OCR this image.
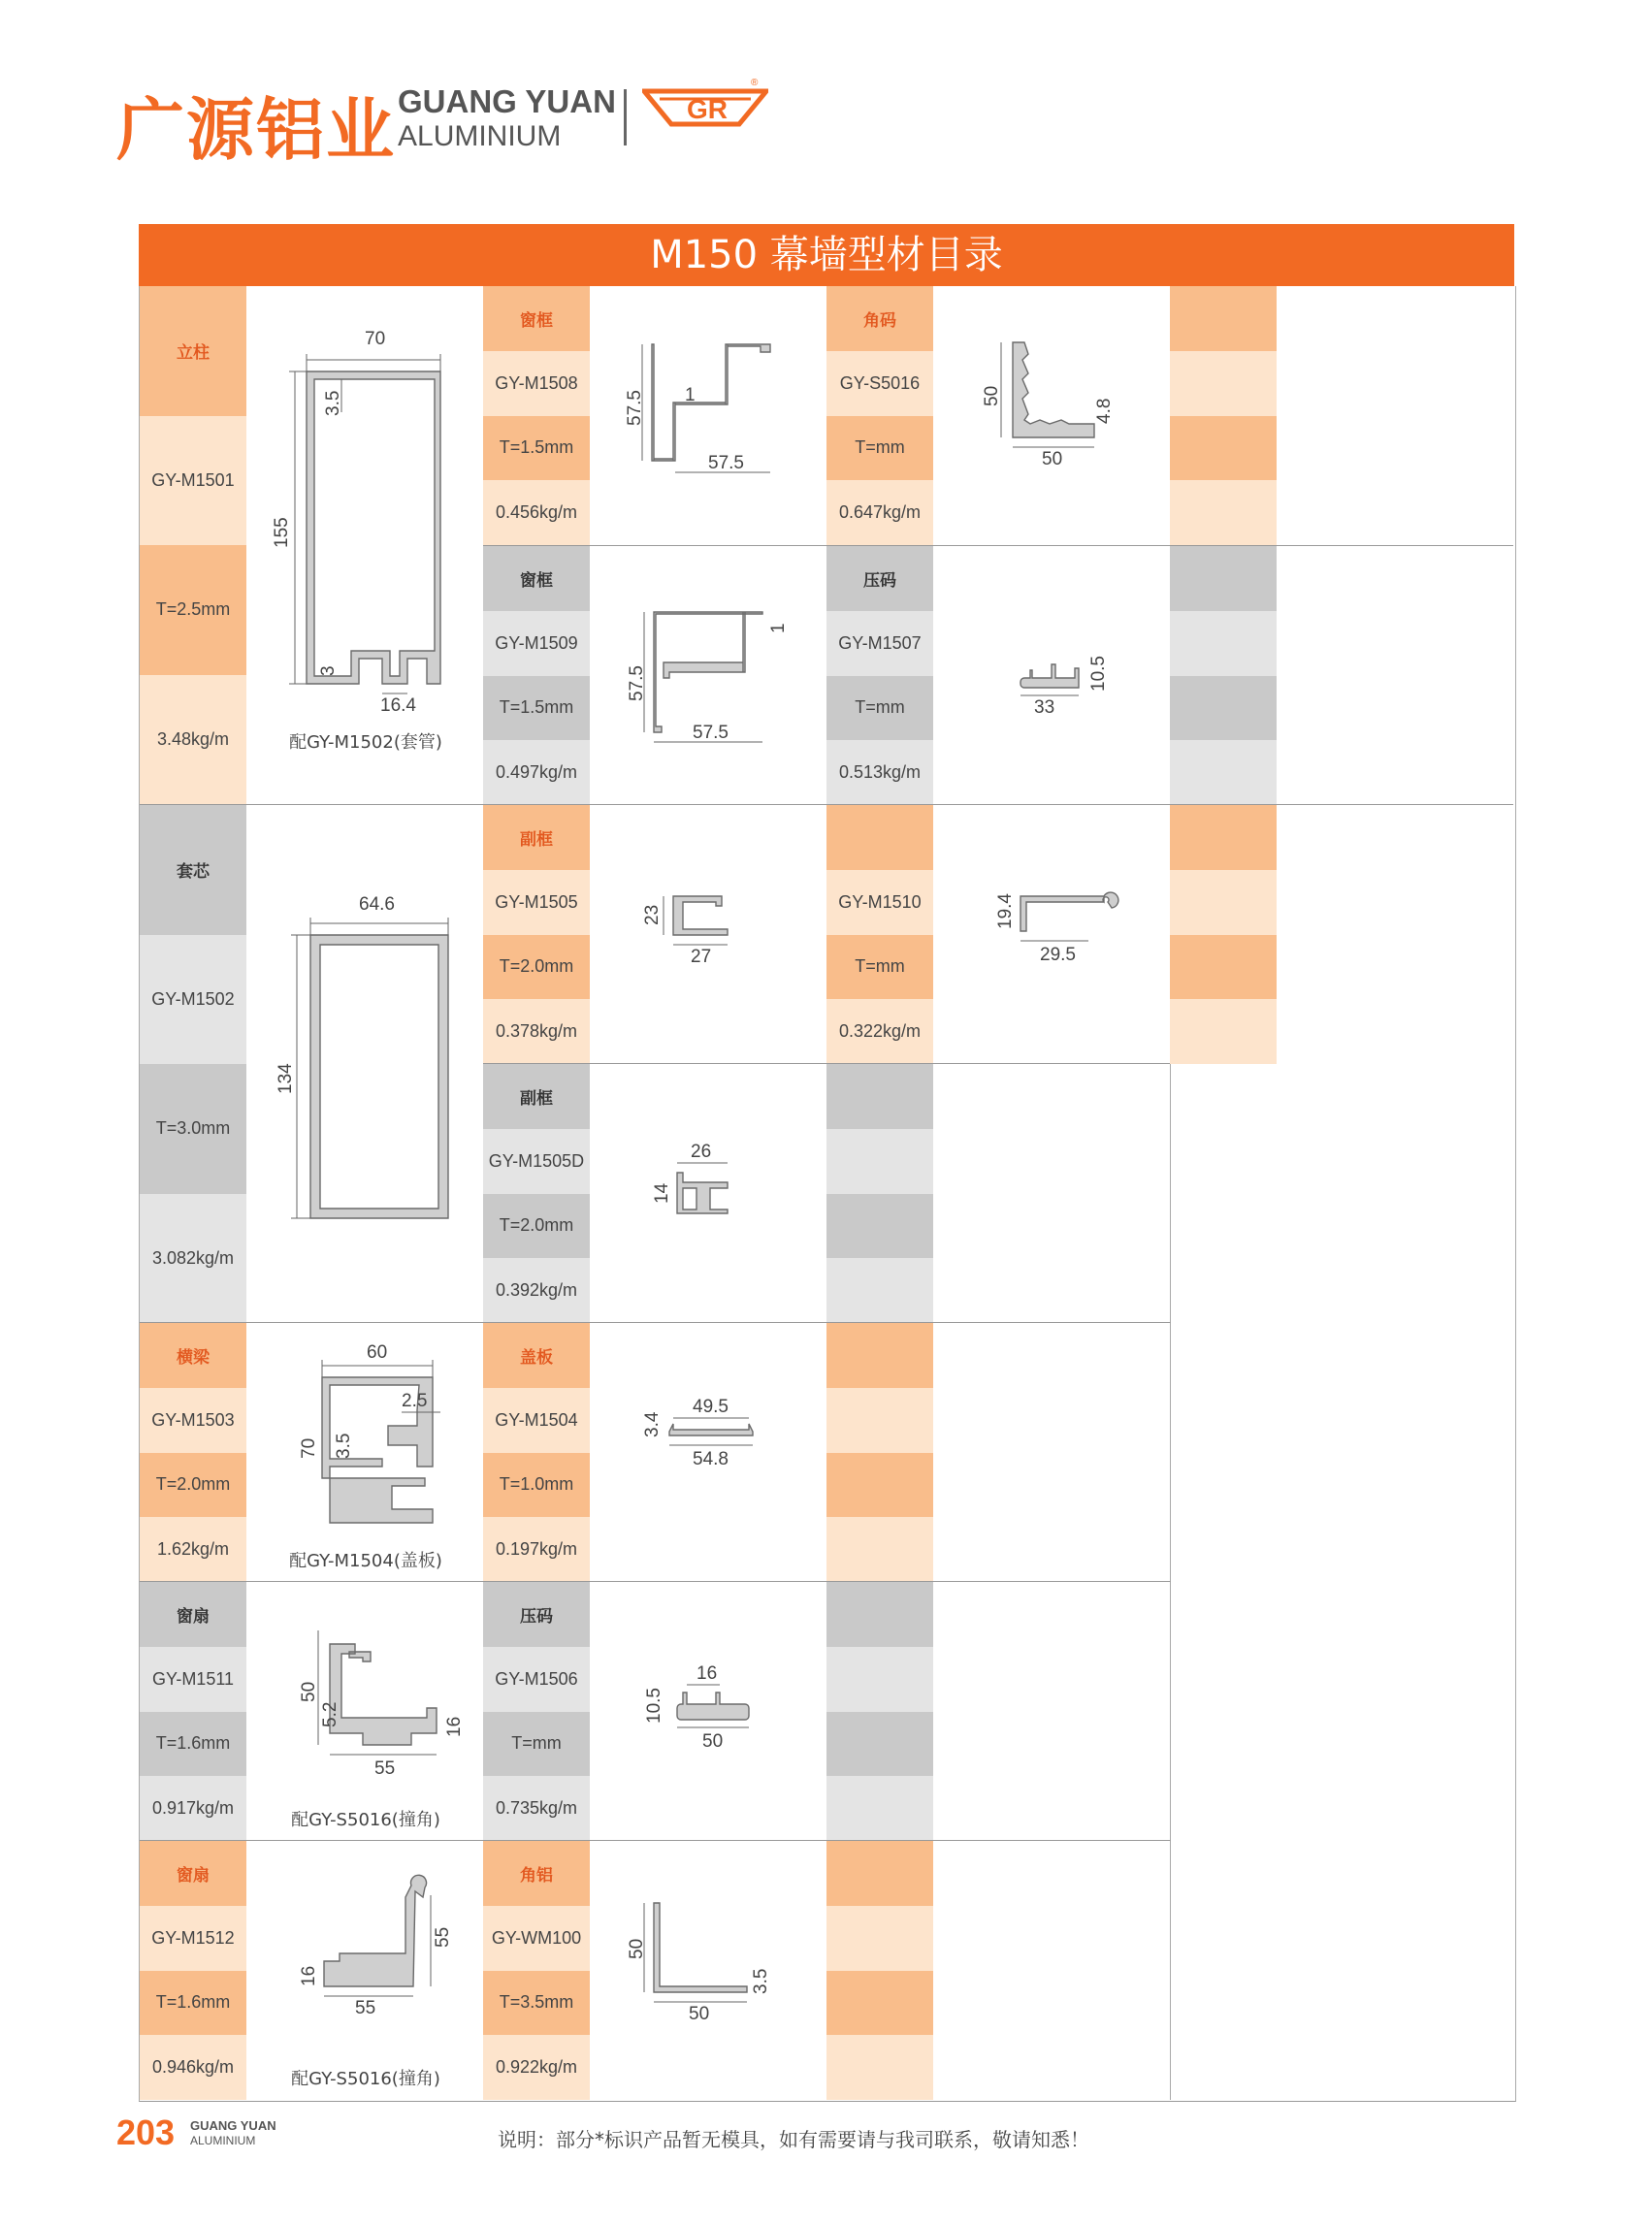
广源铝业 GUANG YUAN
ALUMINIUM
GR
®
M150 幕墙型材目录
立柱
GY-M1501
T=2.5mm
3.48kg/m
70
155
3.5
3
16.4
配GY-M1502(套管)
套芯
GY-M1502
T=3.0mm
3.082kg/m
64.6
134
横梁
GY-M1503
T=2.0mm
1.62kg/m
60
70
2.5
3.5
配GY-M1504(盖板)
窗扇
GY-M1511
T=1.6mm
0.917kg/m
50
5.2
55
16
配GY-S5016(撞角)
窗扇
GY-M1512
T=1.6mm
0.946kg/m
55
16
55
配GY-S5016(撞角)
窗框
GY-M1508
T=1.5mm
0.456kg/m
57.5 1
57.5
窗框
GY-M1509
T=1.5mm
0.497kg/m
57.5
1
57.5
副框
GY-M1505
T=2.0mm
0.378kg/m
23
27
副框
GY-M1505D
T=2.0mm
0.392kg/m
26
14
盖板
GY-M1504
T=1.0mm
0.197kg/m
49.5
3.4
54.8
压码
GY-M1506
T=mm
0.735kg/m
16
10.5
50
角铝
GY-WM100
T=3.5mm
0.922kg/m
50
3.5
50
角码
GY-S5016
T=mm
0.647kg/m
50
4.8
50
压码
GY-M1507
T=mm
0.513kg/m
10.5
33
GY-M1510
T=mm
0.322kg/m
19.4
29.5
203 GUANG YUAN
ALUMINIUM	说明：部分*标识产品暂无模具，如有需要请与我司联系，敬请知悉！
